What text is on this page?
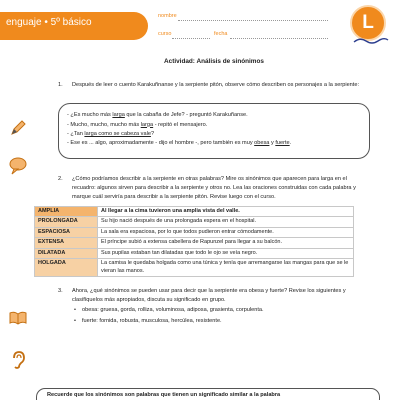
enguaje • 5º básico
nombre
curso	fecha
L
Actividad: Análisis de sinónimos
1. Después de leer o cuento Karakuñnanse y la serpiente pitón, observe cómo describen os personajes a la serpiente:
- ¿Es mucho más larga que la cabaña de Jefe? - preguntó Karakuñanse.
- Mucho, mucho, mucho más larga - repitó el mensajero.
- ¿Tan larga como se cabeza vale?
- Ese es ... algo, aproximadamente - dijo el hombre -, pero también es muy obesa y fuerte.
2. ¿Cómo podríamos describir a la serpiente en otras palabras? Mire os sinónimos que aparecen para larga en el recuadro: algunos sirven para describir a la serpiente y otros no. Lea las oraciones construidas con cada palabra y marque cuál serviría para describir a la serpiente pitón. Revise luego con el curso.
AMPLIA	Al llegar a la cima tuvieron una amplia vista del valle.
PROLONGADA	Su hijo nació después de una prolongada espera en el hospital.
ESPACIOSA	La sala era espaciosa, por lo que todos pudieron entrar cómodamente.
EXTENSA	El príncipe subió a extensa cabellera de Rapunzel para llegar a su balcón.
DILATADA	Sus pupilas estaban tan dilatadas que todo le ojo se veía negro.
HOLGADA	La camisa le quedaba holgada como una túnica y tenía que arremangarse las mangas para que se le vieran las manos.
3. Ahora, ¿qué sinónimos se pueden usar para decir que la serpiente era obesa y fuerte? Revise los siguientes y clasifíquelos más apropiados, discuta su significado en grupo.
• obesa: gruesa, gorda, rolliza, voluminosa, adiposa, grasienta, corpulenta.
• fuerte: fornida, robusta, musculosa, hercúlea, resistente.
Recuerde que los sinónimos son palabras que tienen un significado similar a la palabra
